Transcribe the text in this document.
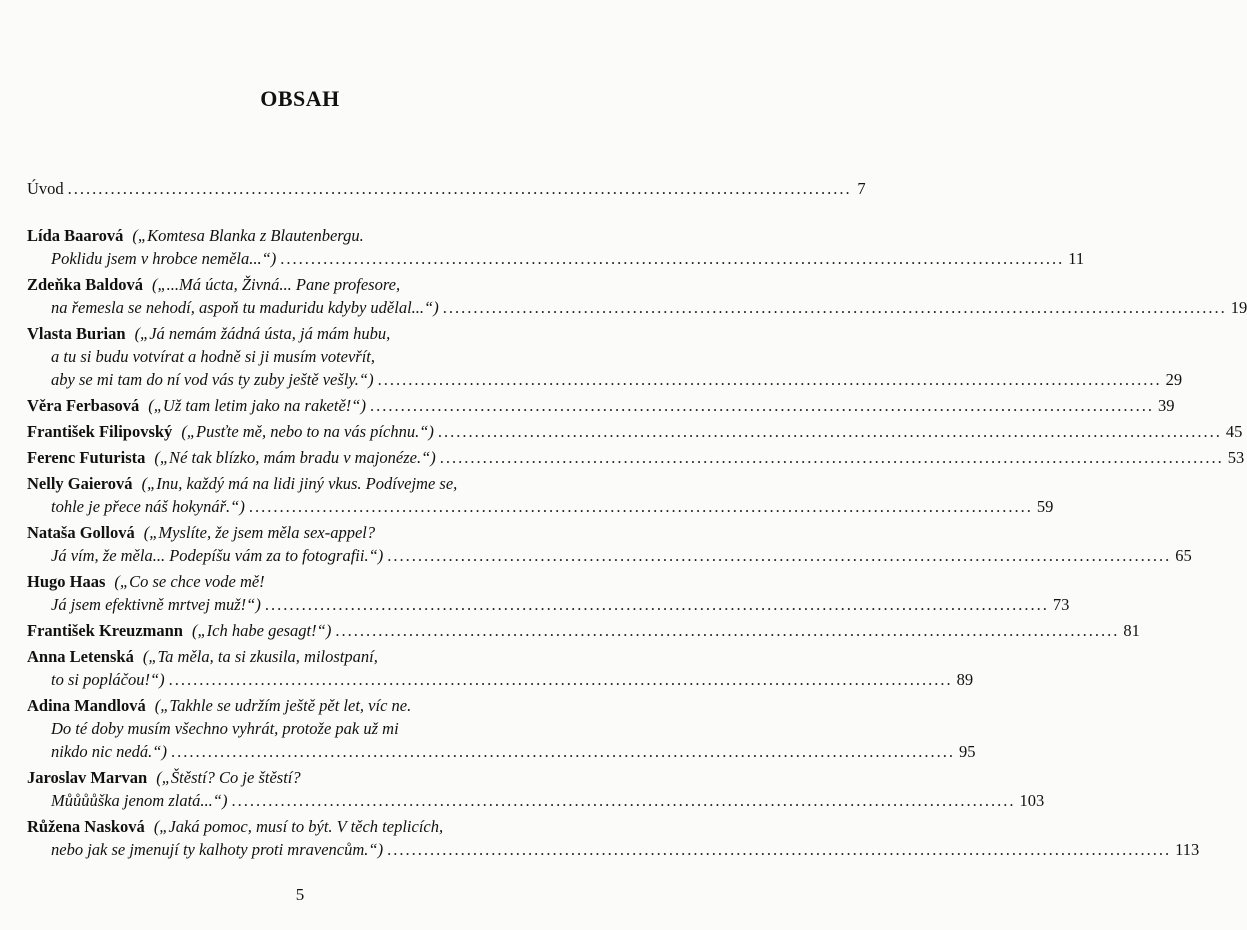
OBSAH
Úvod ................................................................................................................................ 7
Lída Baarová („Komtesa Blanka z Blautenbergu.
Poklidu jsem v hrobce neměla...“) ................................................................................................................................ 11
Zdeňka Baldová („...Má úcta, Živná... Pane profesore,
na řemesla se nehodí, aspoň tu maduridu kdyby udělal...“) ................................................................................................................................ 19
Vlasta Burian („Já nemám žádná ústa, já mám hubu,
a tu si budu votvírat a hodně si ji musím votevřít,
aby se mi tam do ní vod vás ty zuby ještě vešly.“) ................................................................................................................................ 29
Věra Ferbasová („Už tam letim jako na raketě!“) ................................................................................................................................ 39
František Filipovský („Pusťte mě, nebo to na vás píchnu.“) ................................................................................................................................ 45
Ferenc Futurista („Né tak blízko, mám bradu v majonéze.“) ................................................................................................................................ 53
Nelly Gaierová („Inu, každý má na lidi jiný vkus. Podívejme se,
tohle je přece náš hokynář.“) ................................................................................................................................ 59
Nataša Gollová („Myslíte, že jsem měla sex-appel?
Já vím, že měla... Podepíšu vám za to fotografii.“) ................................................................................................................................ 65
Hugo Haas („Co se chce vode mě!
Já jsem efektivně mrtvej muž!“) ................................................................................................................................ 73
František Kreuzmann („Ich habe gesagt!“) ................................................................................................................................ 81
Anna Letenská („Ta měla, ta si zkusila, milostpaní,
to si popláčou!“) ................................................................................................................................ 89
Adina Mandlová („Takhle se udržím ještě pět let, víc ne.
Do té doby musím všechno vyhrát, protože pak už mi
nikdo nic nedá.“) ................................................................................................................................ 95
Jaroslav Marvan („Štěstí? Co je štěstí?
Můůůůška jenom zlatá...“) ................................................................................................................................ 103
Růžena Nasková („Jaká pomoc, musí to být. V těch teplicích,
nebo jak se jmenují ty kalhoty proti mravencům.“) ................................................................................................................................ 113
5
